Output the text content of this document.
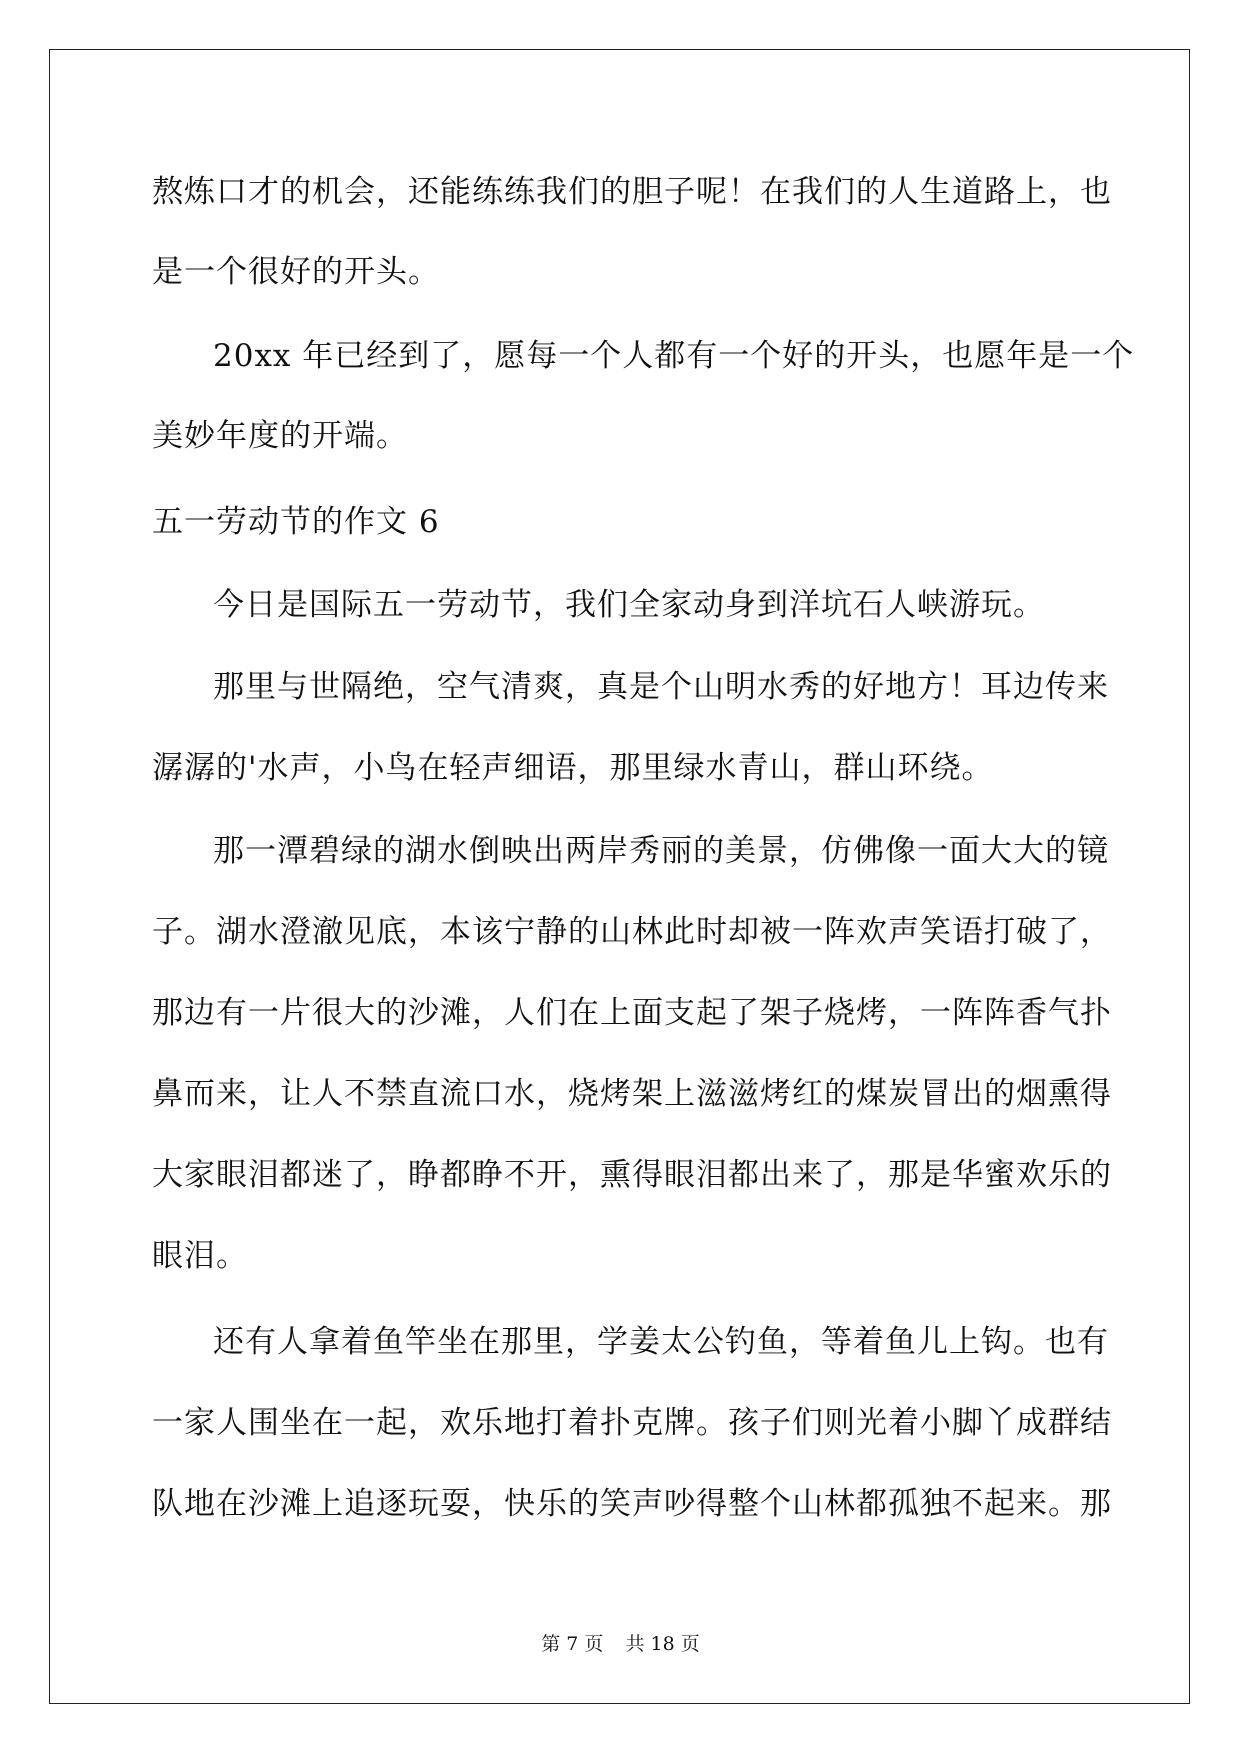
熬炼口才的机会，还能练练我们的胆子呢！在我们的人生道路上，也
是一个很好的开头。
20xx 年已经到了，愿每一个人都有一个好的开头，也愿年是一个
美妙年度的开端。
五一劳动节的作文 6
今日是国际五一劳动节，我们全家动身到洋坑石人峡游玩。
那里与世隔绝，空气清爽，真是个山明水秀的好地方！耳边传来
潺潺的'水声，小鸟在轻声细语，那里绿水青山，群山环绕。
那一潭碧绿的湖水倒映出两岸秀丽的美景，仿佛像一面大大的镜
子。湖水澄澈见底，本该宁静的山林此时却被一阵欢声笑语打破了，
那边有一片很大的沙滩，人们在上面支起了架子烧烤，一阵阵香气扑
鼻而来，让人不禁直流口水，烧烤架上滋滋烤红的煤炭冒出的烟熏得
大家眼泪都迷了，睁都睁不开，熏得眼泪都出来了，那是华蜜欢乐的
眼泪。
还有人拿着鱼竿坐在那里，学姜太公钓鱼，等着鱼儿上钩。也有
一家人围坐在一起，欢乐地打着扑克牌。孩子们则光着小脚丫成群结
队地在沙滩上追逐玩耍，快乐的笑声吵得整个山林都孤独不起来。那
第 7 页 共 18 页
